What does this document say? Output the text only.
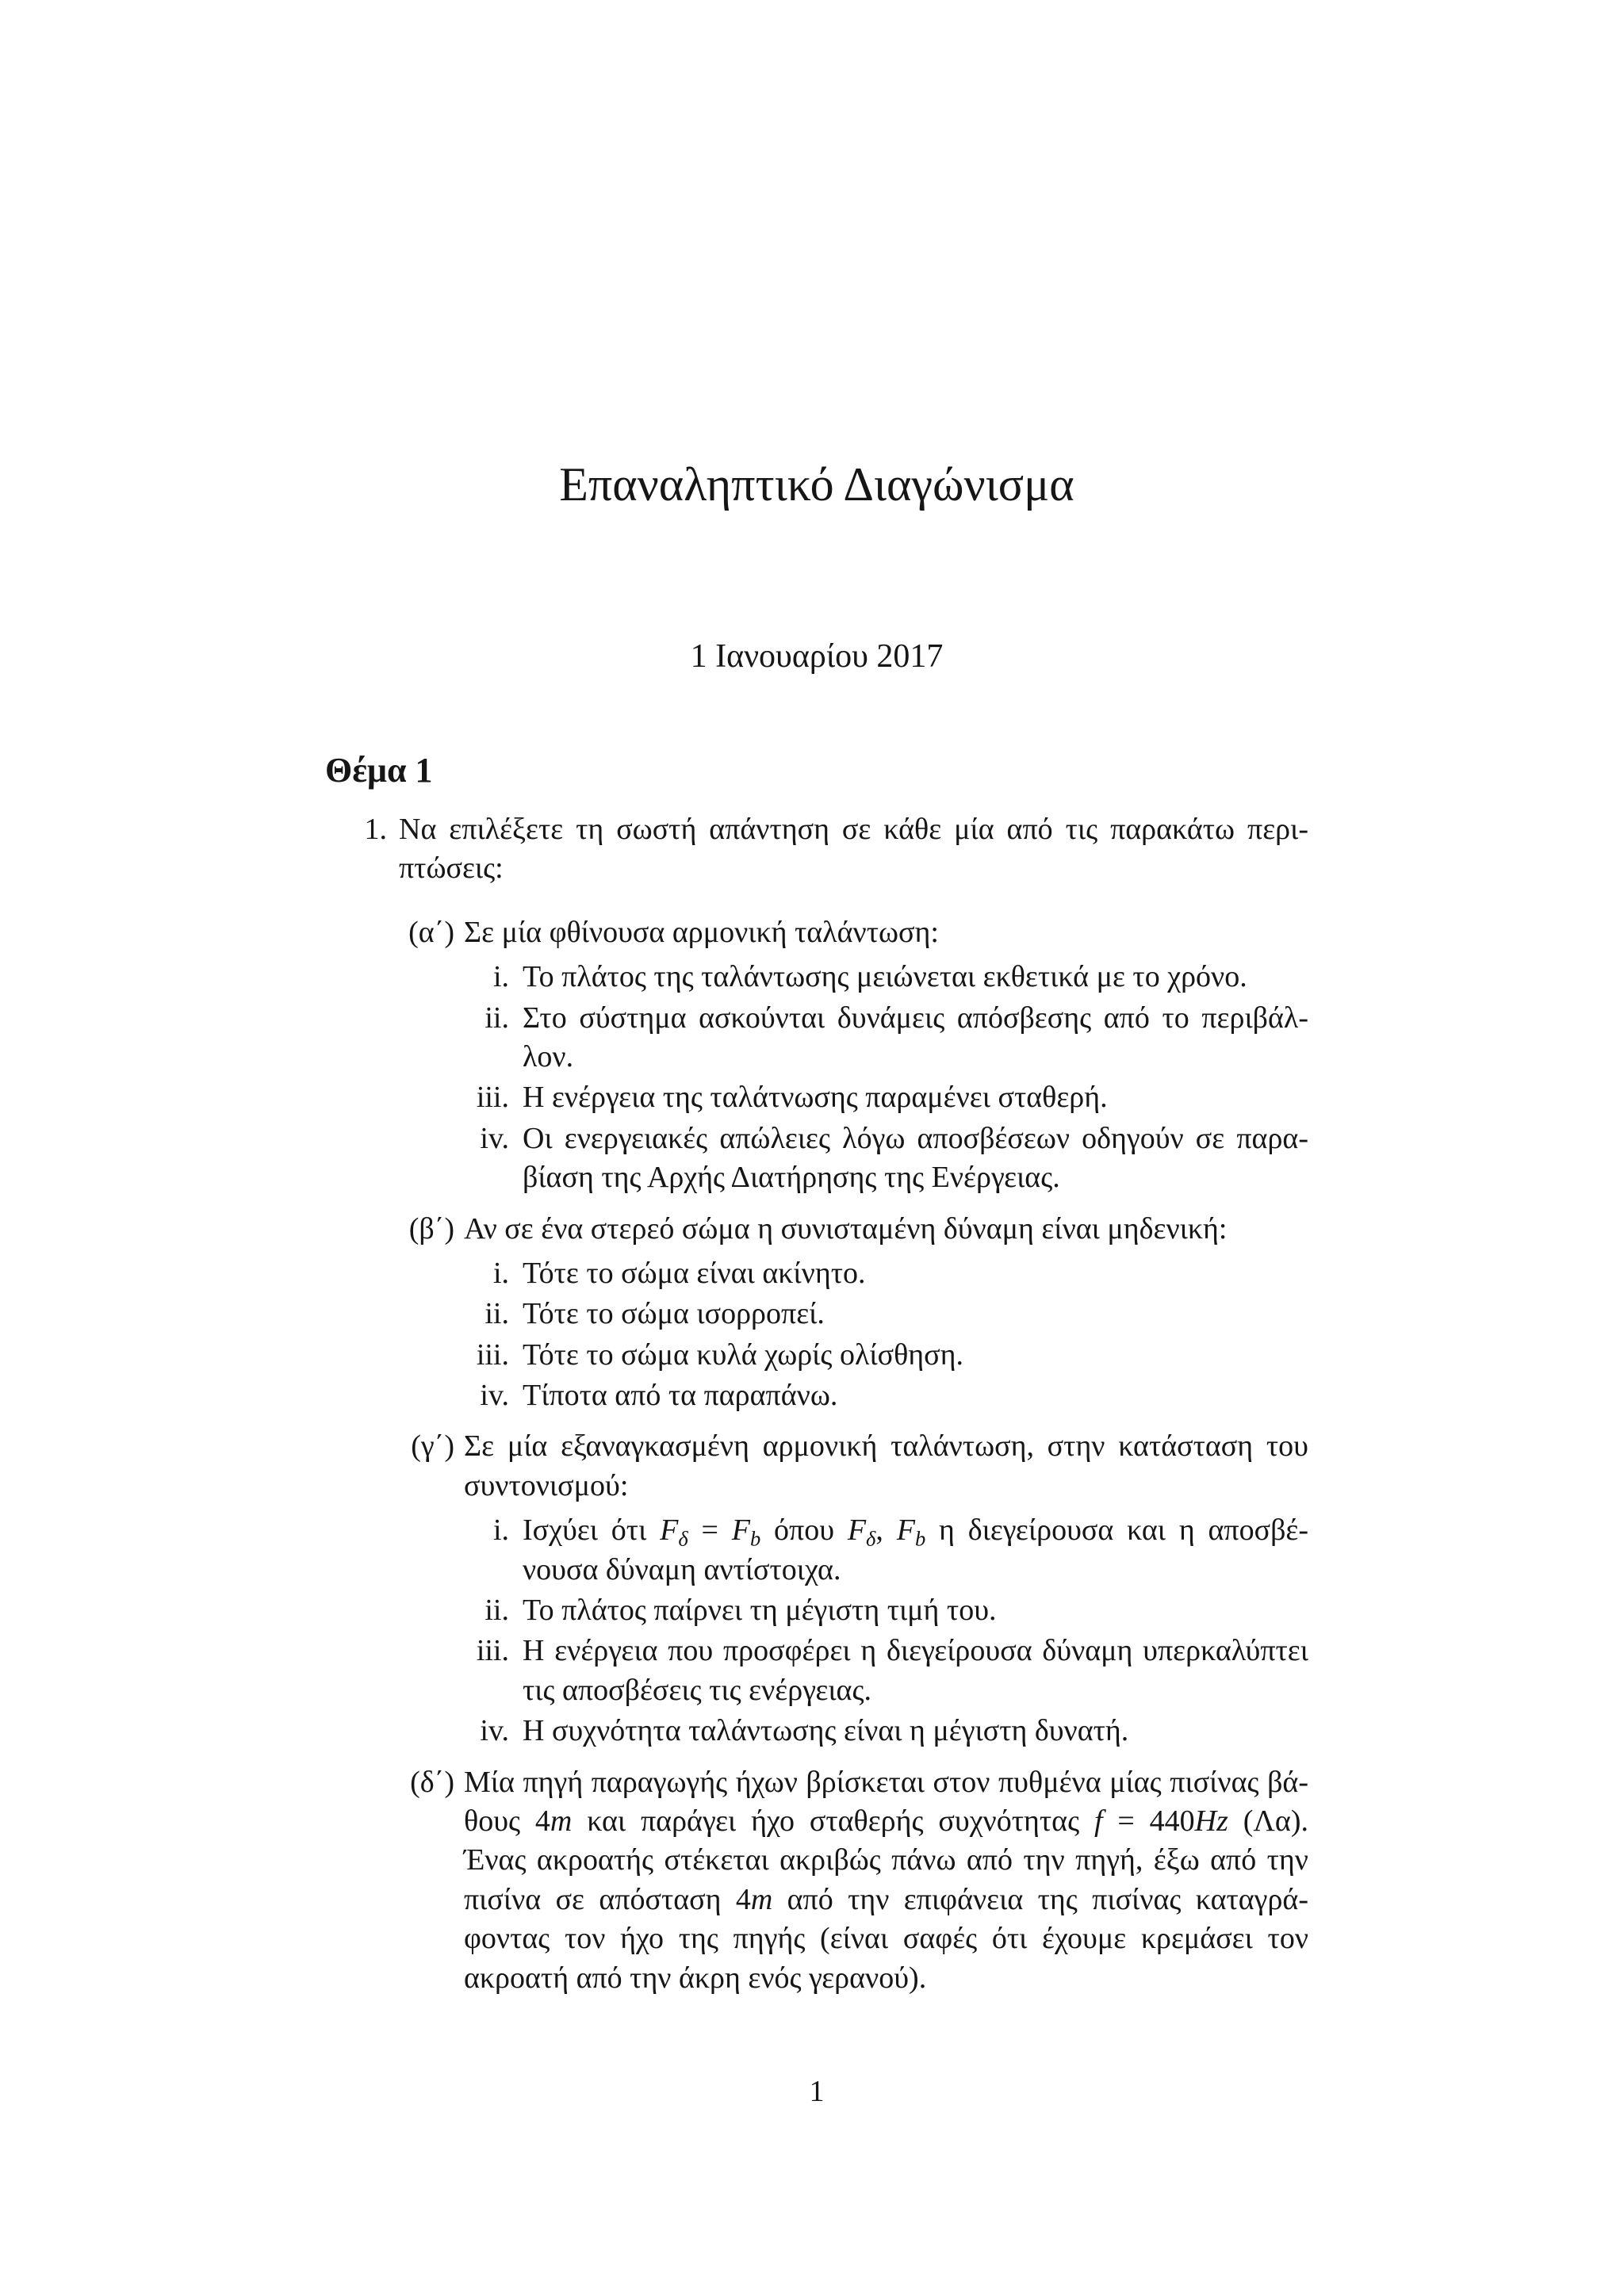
Επαναληπτικό Διαγώνισμα
1 Ιανουαρίου 2017
Θέμα 1
1. Να επιλέξετε τη σωστή απάντηση σε κάθε μία από τις παρακάτω περι-
πτώσεις:
(α΄) Σε μία φθίνουσα αρμονική ταλάντωση:
i. Το πλάτος της ταλάντωσης μειώνεται εκθετικά με το χρόνο.
ii. Στο σύστημα ασκούνται δυνάμεις απόσβεσης από το περιβάλ-
λον.
iii. Η ενέργεια της ταλάτνωσης παραμένει σταθερή.
iv. Οι ενεργειακές απώλειες λόγω αποσβέσεων οδηγούν σε παρα-
βίαση της Αρχής Διατήρησης της Ενέργειας.
(β΄) Αν σε ένα στερεό σώμα η συνισταμένη δύναμη είναι μηδενική:
i. Τότε το σώμα είναι ακίνητο.
ii. Τότε το σώμα ισορροπεί.
iii. Τότε το σώμα κυλά χωρίς ολίσθηση.
iv. Τίποτα από τα παραπάνω.
(γ΄) Σε μία εξαναγκασμένη αρμονική ταλάντωση, στην κατάσταση του
συντονισμού:
i. Ισχύει ότι $F_\delta = F_b$ όπου $F_\delta$, $F_b$ η διεγείρουσα και η αποσβέ-
νουσα δύναμη αντίστοιχα.
ii. Το πλάτος παίρνει τη μέγιστη τιμή του.
iii. Η ενέργεια που προσφέρει η διεγείρουσα δύναμη υπερκαλύπτει
τις αποσβέσεις τις ενέργειας.
iv. Η συχνότητα ταλάντωσης είναι η μέγιστη δυνατή.
(δ΄) Μία πηγή παραγωγής ήχων βρίσκεται στον πυθμένα μίας πισίνας βά-
θους 4m και παράγει ήχο σταθερής συχνότητας f = 440Hz (Λα).
Ένας ακροατής στέκεται ακριβώς πάνω από την πηγή, έξω από την
πισίνα σε απόσταση 4m από την επιφάνεια της πισίνας καταγρά-
φοντας τον ήχο της πηγής (είναι σαφές ότι έχουμε κρεμάσει τον
ακροατή από την άκρη ενός γερανού).
1
